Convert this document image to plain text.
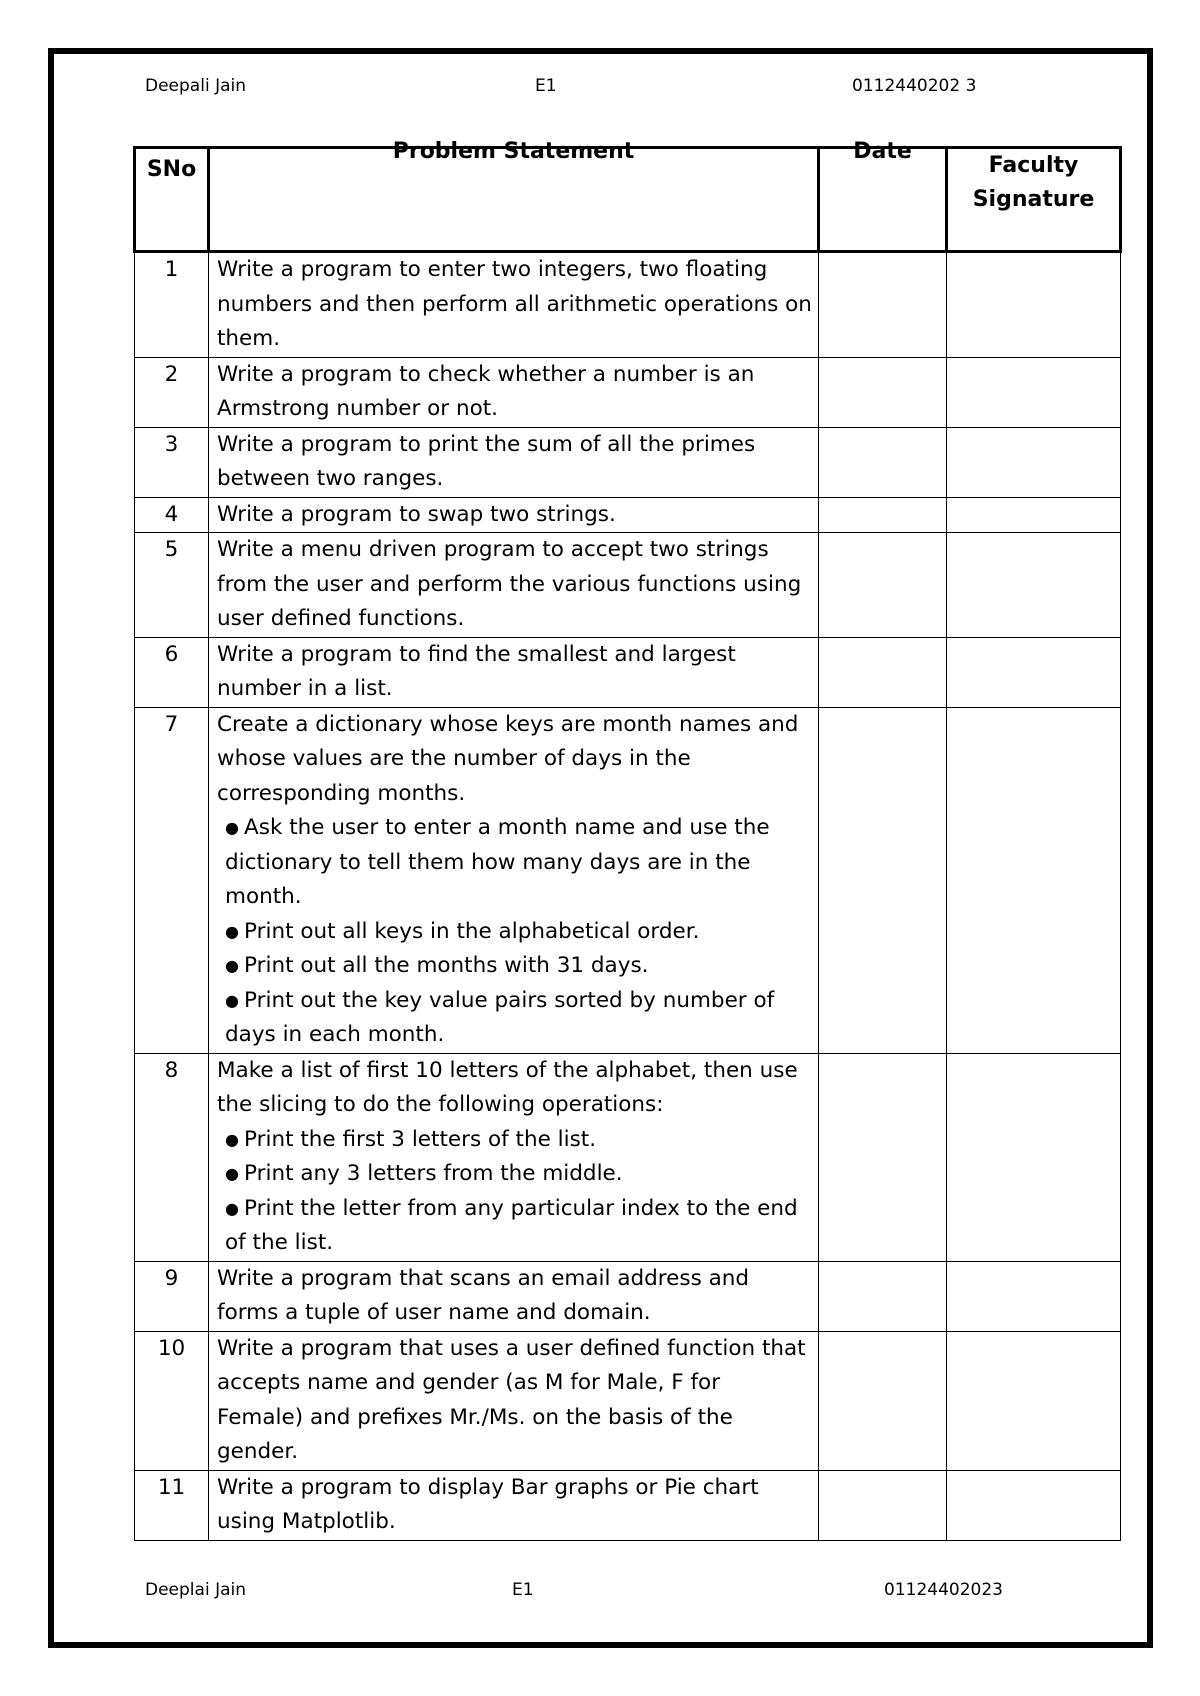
Deepali Jain	E1	0112440202 3
SNo	Problem Statement	Date	Faculty Signature
1	Write a program to enter two integers, two floating numbers and then perform all arithmetic operations on them.		

2	Write a program to check whether a number is an Armstrong number or not.		

3	Write a program to print the sum of all the primes between two ranges.		

4	Write a program to swap two strings.		

5	Write a menu driven program to accept two strings from the user and perform the various functions using user defined functions.		

6	Write a program to find the smallest and largest number in a list.		

7	Create a dictionary whose keys are month names and whose values are the number of days in the corresponding months.
● Ask the user to enter a month name and use the dictionary to tell them how many days are in the month.
● Print out all keys in the alphabetical order.
● Print out all the months with 31 days.
● Print out the key value pairs sorted by number of days in each month.		

8	Make a list of first 10 letters of the alphabet, then use the slicing to do the following operations:
● Print the first 3 letters of the list.
● Print any 3 letters from the middle.
● Print the letter from any particular index to the end of the list.		

9	Write a program that scans an email address and forms a tuple of user name and domain.		

10	Write a program that uses a user defined function that accepts name and gender (as M for Male, F for Female) and prefixes Mr./Ms. on the basis of the gender.		

11	Write a program to display Bar graphs or Pie chart using Matplotlib.		

Deeplai Jain	E1	01124402023
